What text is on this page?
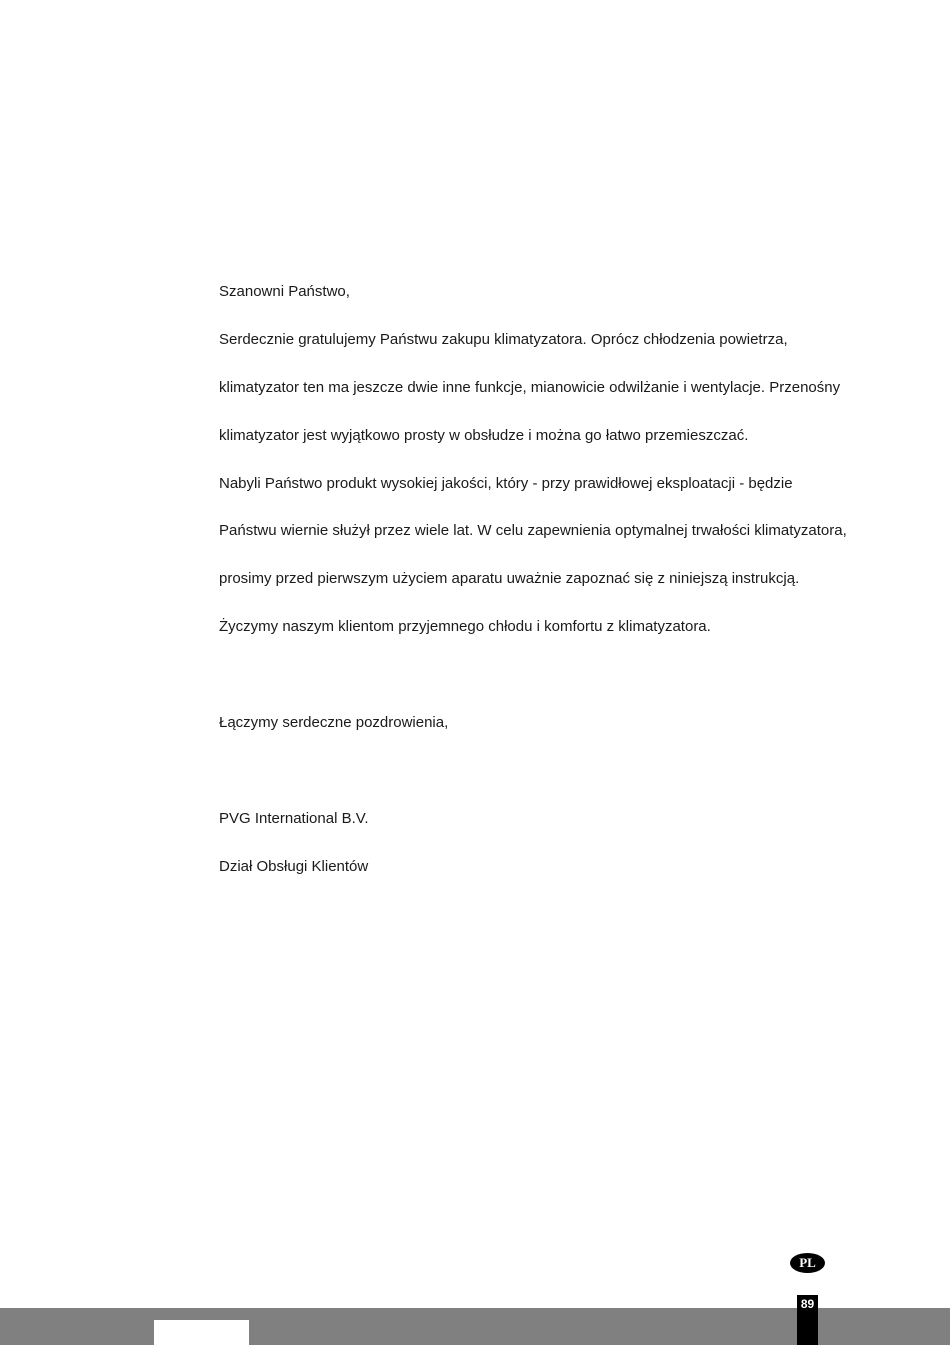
Szanowni Państwo,
Serdecznie gratulujemy Państwu zakupu klimatyzatora. Oprócz chłodzenia powietrza,
klimatyzator ten ma jeszcze dwie inne funkcje, mianowicie odwilżanie i wentylacje. Przenośny
klimatyzator jest wyjątkowo prosty w obsłudze i można go łatwo przemieszczać.
Nabyli Państwo produkt wysokiej jakości, który - przy prawidłowej eksploatacji - będzie
Państwu wiernie służył przez wiele lat. W celu zapewnienia optymalnej trwałości klimatyzatora,
prosimy przed pierwszym użyciem aparatu uważnie zapoznać się z niniejszą instrukcją.
Życzymy naszym klientom przyjemnego chłodu i komfortu z klimatyzatora.
Łączymy serdeczne pozdrowienia,
PVG International B.V.
Dział Obsługi Klientów
PL
89
